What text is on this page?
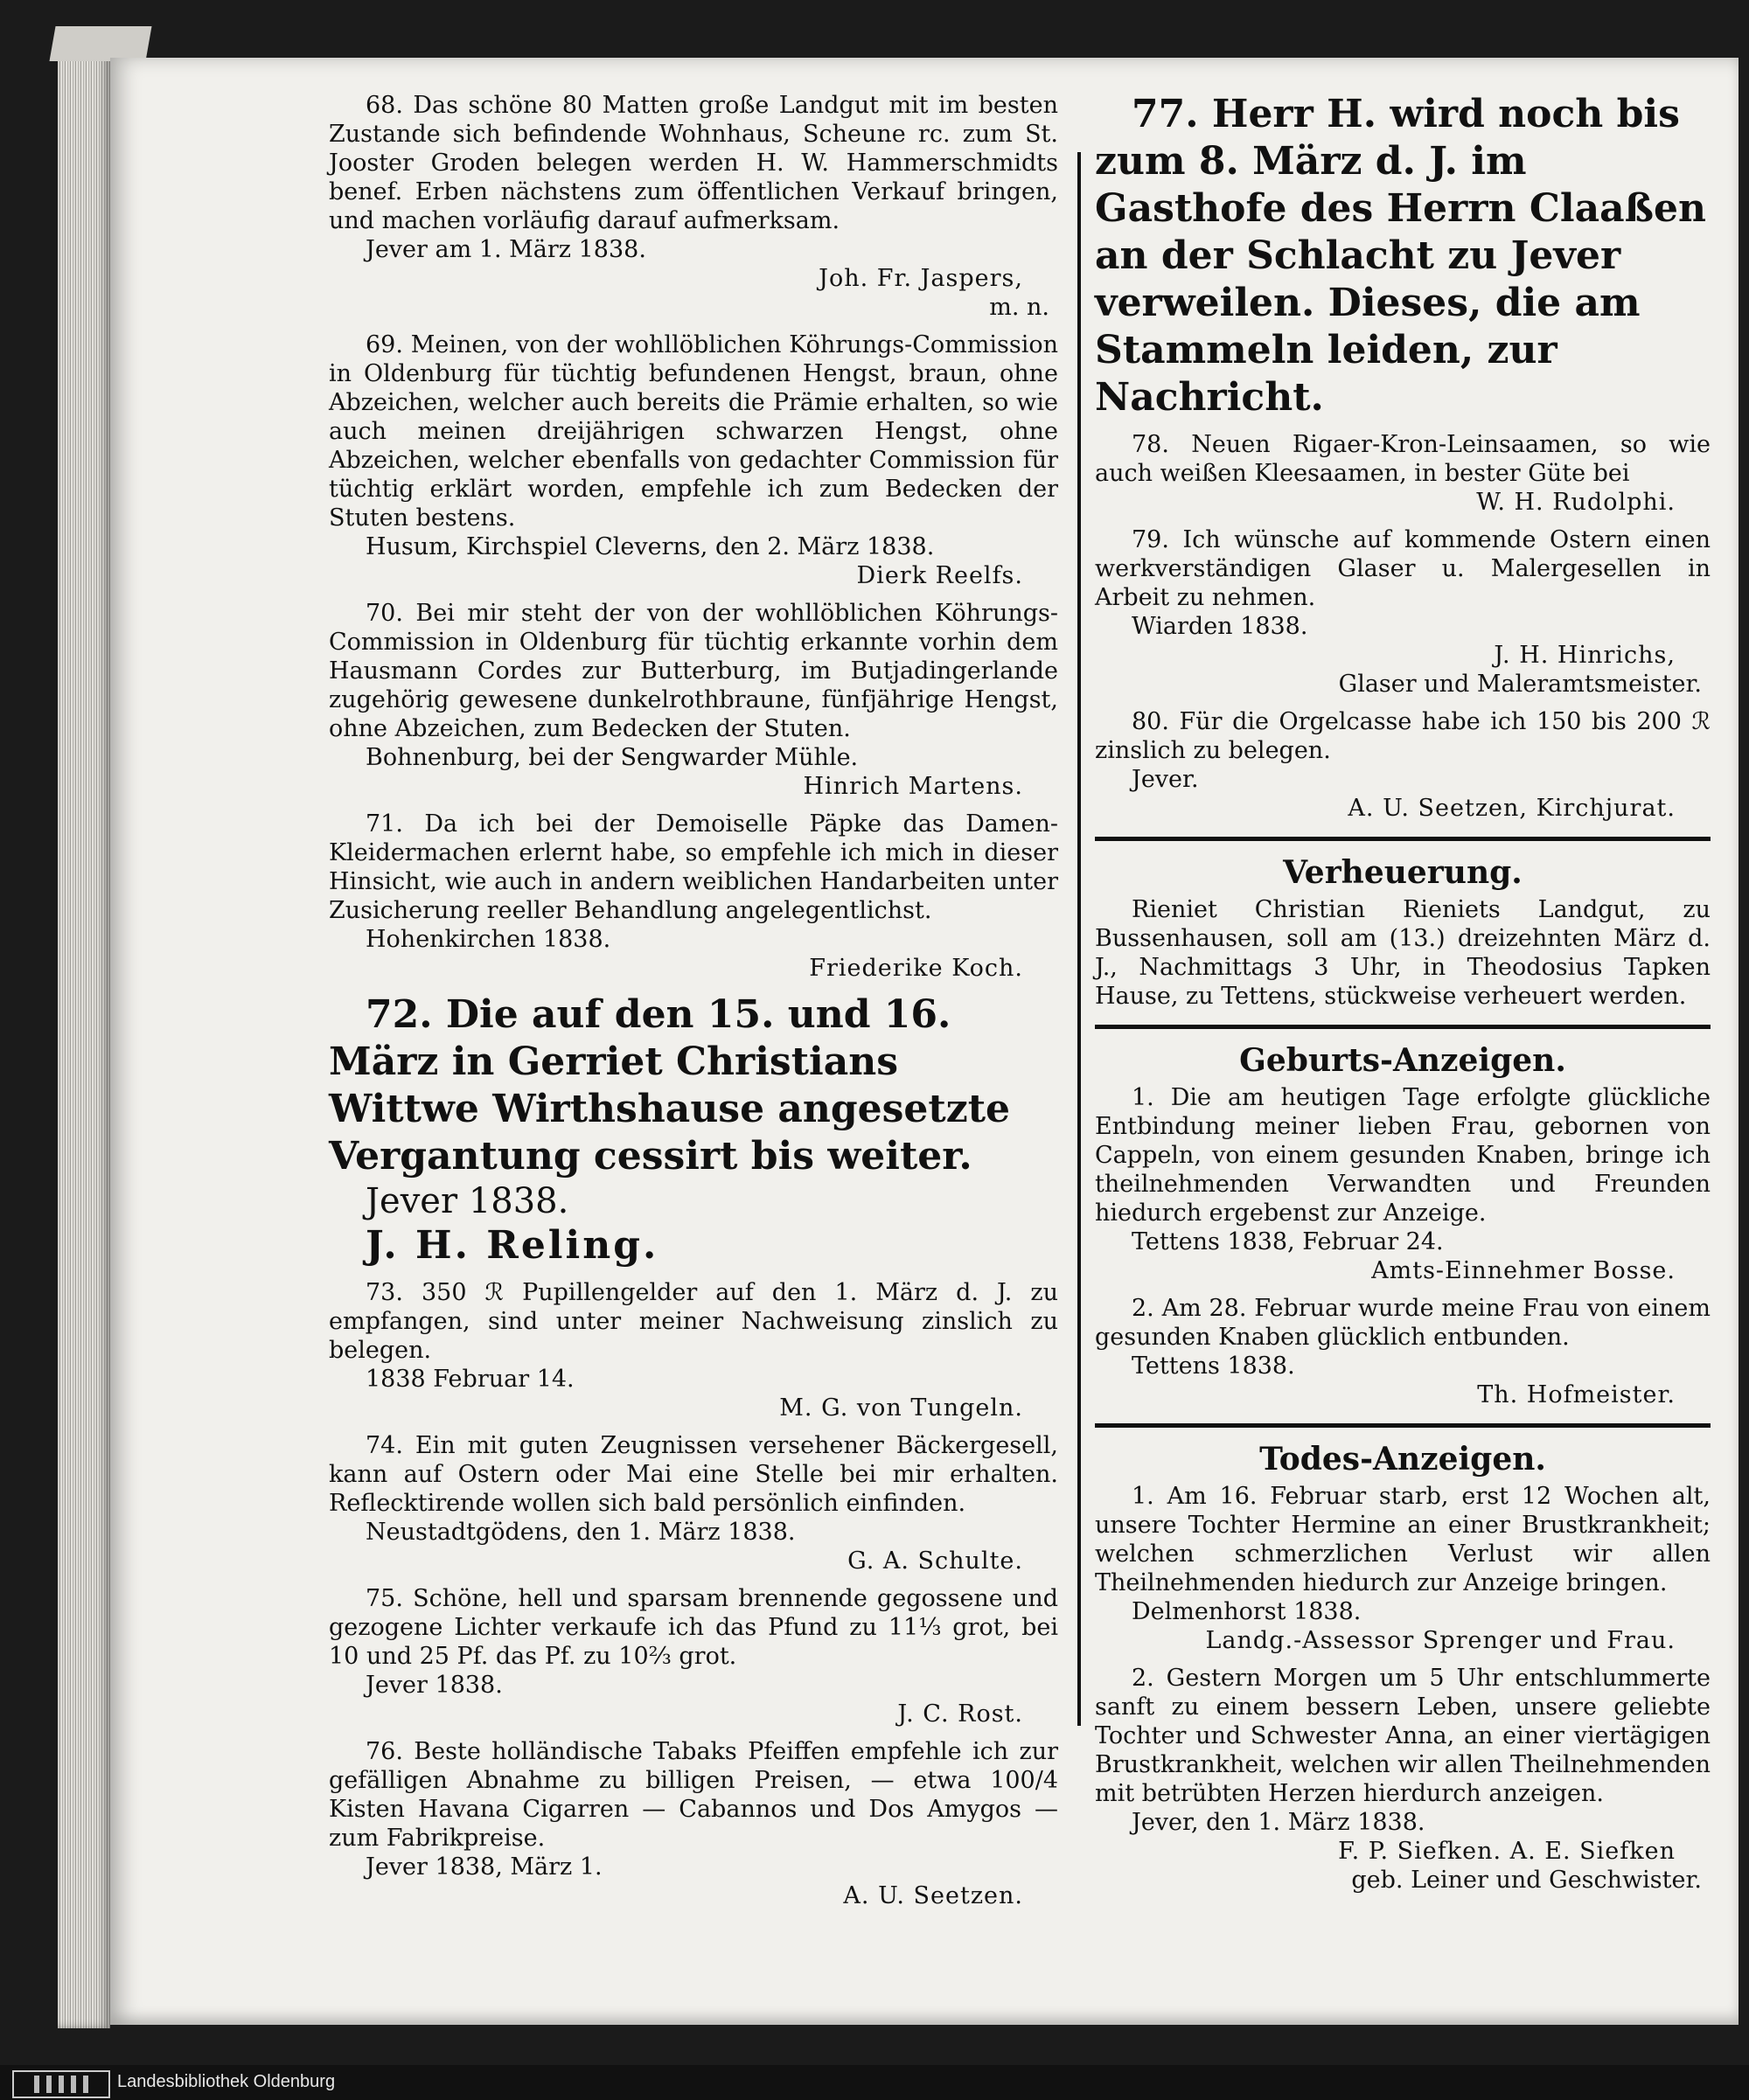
68. Das schöne 80 Matten große Landgut mit im besten Zustande sich befindende Wohnhaus, Scheune rc. zum St. Jooster Groden belegen werden H. W. Hammerschmidts benef. Erben nächstens zum öffentlichen Verkauf bringen, und machen vorläufig darauf aufmerksam.

Jever am 1. März 1838.

Joh. Fr. Jaspers,

m. n.

69. Meinen, von der wohllöblichen Köhrungs-Commission in Oldenburg für tüchtig befundenen Hengst, braun, ohne Abzeichen, welcher auch bereits die Prämie erhalten, so wie auch meinen dreijährigen schwarzen Hengst, ohne Abzeichen, welcher ebenfalls von gedachter Commission für tüchtig erklärt worden, empfehle ich zum Bedecken der Stuten bestens.

Husum, Kirchspiel Cleverns, den 2. März 1838.

Dierk Reelfs.

70. Bei mir steht der von der wohllöblichen Köhrungs-Commission in Oldenburg für tüchtig erkannte vorhin dem Hausmann Cordes zur Butterburg, im Butjadingerlande zugehörig gewesene dunkelrothbraune, fünfjährige Hengst, ohne Abzeichen, zum Bedecken der Stuten.

Bohnenburg, bei der Sengwarder Mühle.

Hinrich Martens.

71. Da ich bei der Demoiselle Päpke das Damen-Kleidermachen erlernt habe, so empfehle ich mich in dieser Hinsicht, wie auch in andern weiblichen Handarbeiten unter Zusicherung reeller Behandlung angelegentlichst.

Hohenkirchen 1838.

Friederike Koch.

72. Die auf den 15. und 16. März in Gerriet Christians Wittwe Wirthshause angesetzte Vergantung cessirt bis weiter.

Jever 1838.

J. H. Reling.

73. 350 ℛ Pupillengelder auf den 1. März d. J. zu empfangen, sind unter meiner Nachweisung zinslich zu belegen.

1838 Februar 14.

M. G. von Tungeln.

74. Ein mit guten Zeugnissen versehener Bäckergesell, kann auf Ostern oder Mai eine Stelle bei mir erhalten. Reflecktirende wollen sich bald persönlich einfinden.

Neustadtgödens, den 1. März 1838.

G. A. Schulte.

75. Schöne, hell und sparsam brennende gegossene und gezogene Lichter verkaufe ich das Pfund zu 11⅓ grot, bei 10 und 25 Pf. das Pf. zu 10⅔ grot.

Jever 1838.

J. C. Rost.

76. Beste holländische Tabaks Pfeiffen empfehle ich zur gefälligen Abnahme zu billigen Preisen, — etwa 100/4 Kisten Havana Cigarren — Cabannos und Dos Amygos — zum Fabrikpreise.

Jever 1838, März 1.

A. U. Seetzen.

77. Herr H. wird noch bis zum 8. März d. J. im Gasthofe des Herrn Claaßen an der Schlacht zu Jever verweilen. Dieses, die am Stammeln leiden, zur Nachricht.

78. Neuen Rigaer-Kron-Leinsaamen, so wie auch weißen Kleesaamen, in bester Güte bei

W. H. Rudolphi.

79. Ich wünsche auf kommende Ostern einen werkverständigen Glaser u. Malergesellen in Arbeit zu nehmen.

Wiarden 1838.

J. H. Hinrichs,

Glaser und Maleramtsmeister.

80. Für die Orgelcasse habe ich 150 bis 200 ℛ zinslich zu belegen.

Jever.

A. U. Seetzen, Kirchjurat.

Verheuerung.

Rieniet Christian Rieniets Landgut, zu Bussenhausen, soll am (13.) dreizehnten März d. J., Nachmittags 3 Uhr, in Theodosius Tapken Hause, zu Tettens, stückweise verheuert werden.

Geburts-Anzeigen.

1. Die am heutigen Tage erfolgte glückliche Entbindung meiner lieben Frau, gebornen von Cappeln, von einem gesunden Knaben, bringe ich theilnehmenden Verwandten und Freunden hiedurch ergebenst zur Anzeige.

Tettens 1838, Februar 24.

Amts-Einnehmer Bosse.

2. Am 28. Februar wurde meine Frau von einem gesunden Knaben glücklich entbunden.

Tettens 1838.

Th. Hofmeister.

Todes-Anzeigen.

1. Am 16. Februar starb, erst 12 Wochen alt, unsere Tochter Hermine an einer Brustkrankheit; welchen schmerzlichen Verlust wir allen Theilnehmenden hiedurch zur Anzeige bringen.

Delmenhorst 1838.

Landg.-Assessor Sprenger und Frau.

2. Gestern Morgen um 5 Uhr entschlummerte sanft zu einem bessern Leben, unsere geliebte Tochter und Schwester Anna, an einer viertägigen Brustkrankheit, welchen wir allen Theilnehmenden mit betrübten Herzen hierdurch anzeigen.

Jever, den 1. März 1838.

F. P. Siefken. A. E. Siefken

geb. Leiner und Geschwister.

Landesbibliothek Oldenburg
